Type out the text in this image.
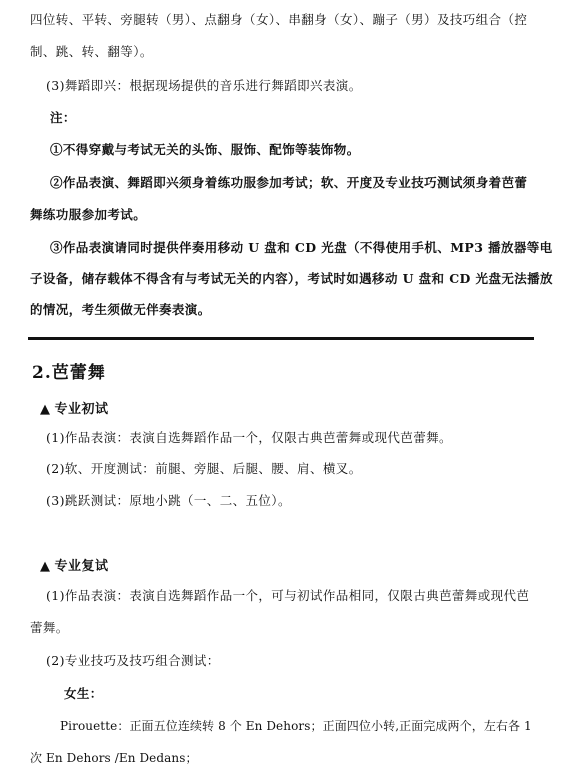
四位转、平转、旁腿转（男）、点翻身（女）、串翻身（女）、蹦子（男）及技巧组合（控
制、跳、转、翻等）。
(3)舞蹈即兴：根据现场提供的音乐进行舞蹈即兴表演。
注：
①不得穿戴与考试无关的头饰、服饰、配饰等装饰物。
②作品表演、舞蹈即兴须身着练功服参加考试；软、开度及专业技巧测试须身着芭蕾
舞练功服参加考试。
③作品表演请同时提供伴奏用移动 U 盘和 CD 光盘（不得使用手机、MP3 播放器等电
子设备，储存载体不得含有与考试无关的内容），考试时如遇移动 U 盘和 CD 光盘无法播放
的情况，考生须做无伴奏表演。
2.芭蕾舞
▲ 专业初试
(1)作品表演：表演自选舞蹈作品一个，仅限古典芭蕾舞或现代芭蕾舞。
(2)软、开度测试：前腿、旁腿、后腿、腰、肩、横叉。
(3)跳跃测试：原地小跳（一、二、五位）。
▲ 专业复试
(1)作品表演：表演自选舞蹈作品一个，可与初试作品相同，仅限古典芭蕾舞或现代芭
蕾舞。
(2)专业技巧及技巧组合测试：
女生：
Pirouette：正面五位连续转 8 个 En Dehors；正面四位小转,正面完成两个，左右各 1
次 En Dehors /En Dedans；
